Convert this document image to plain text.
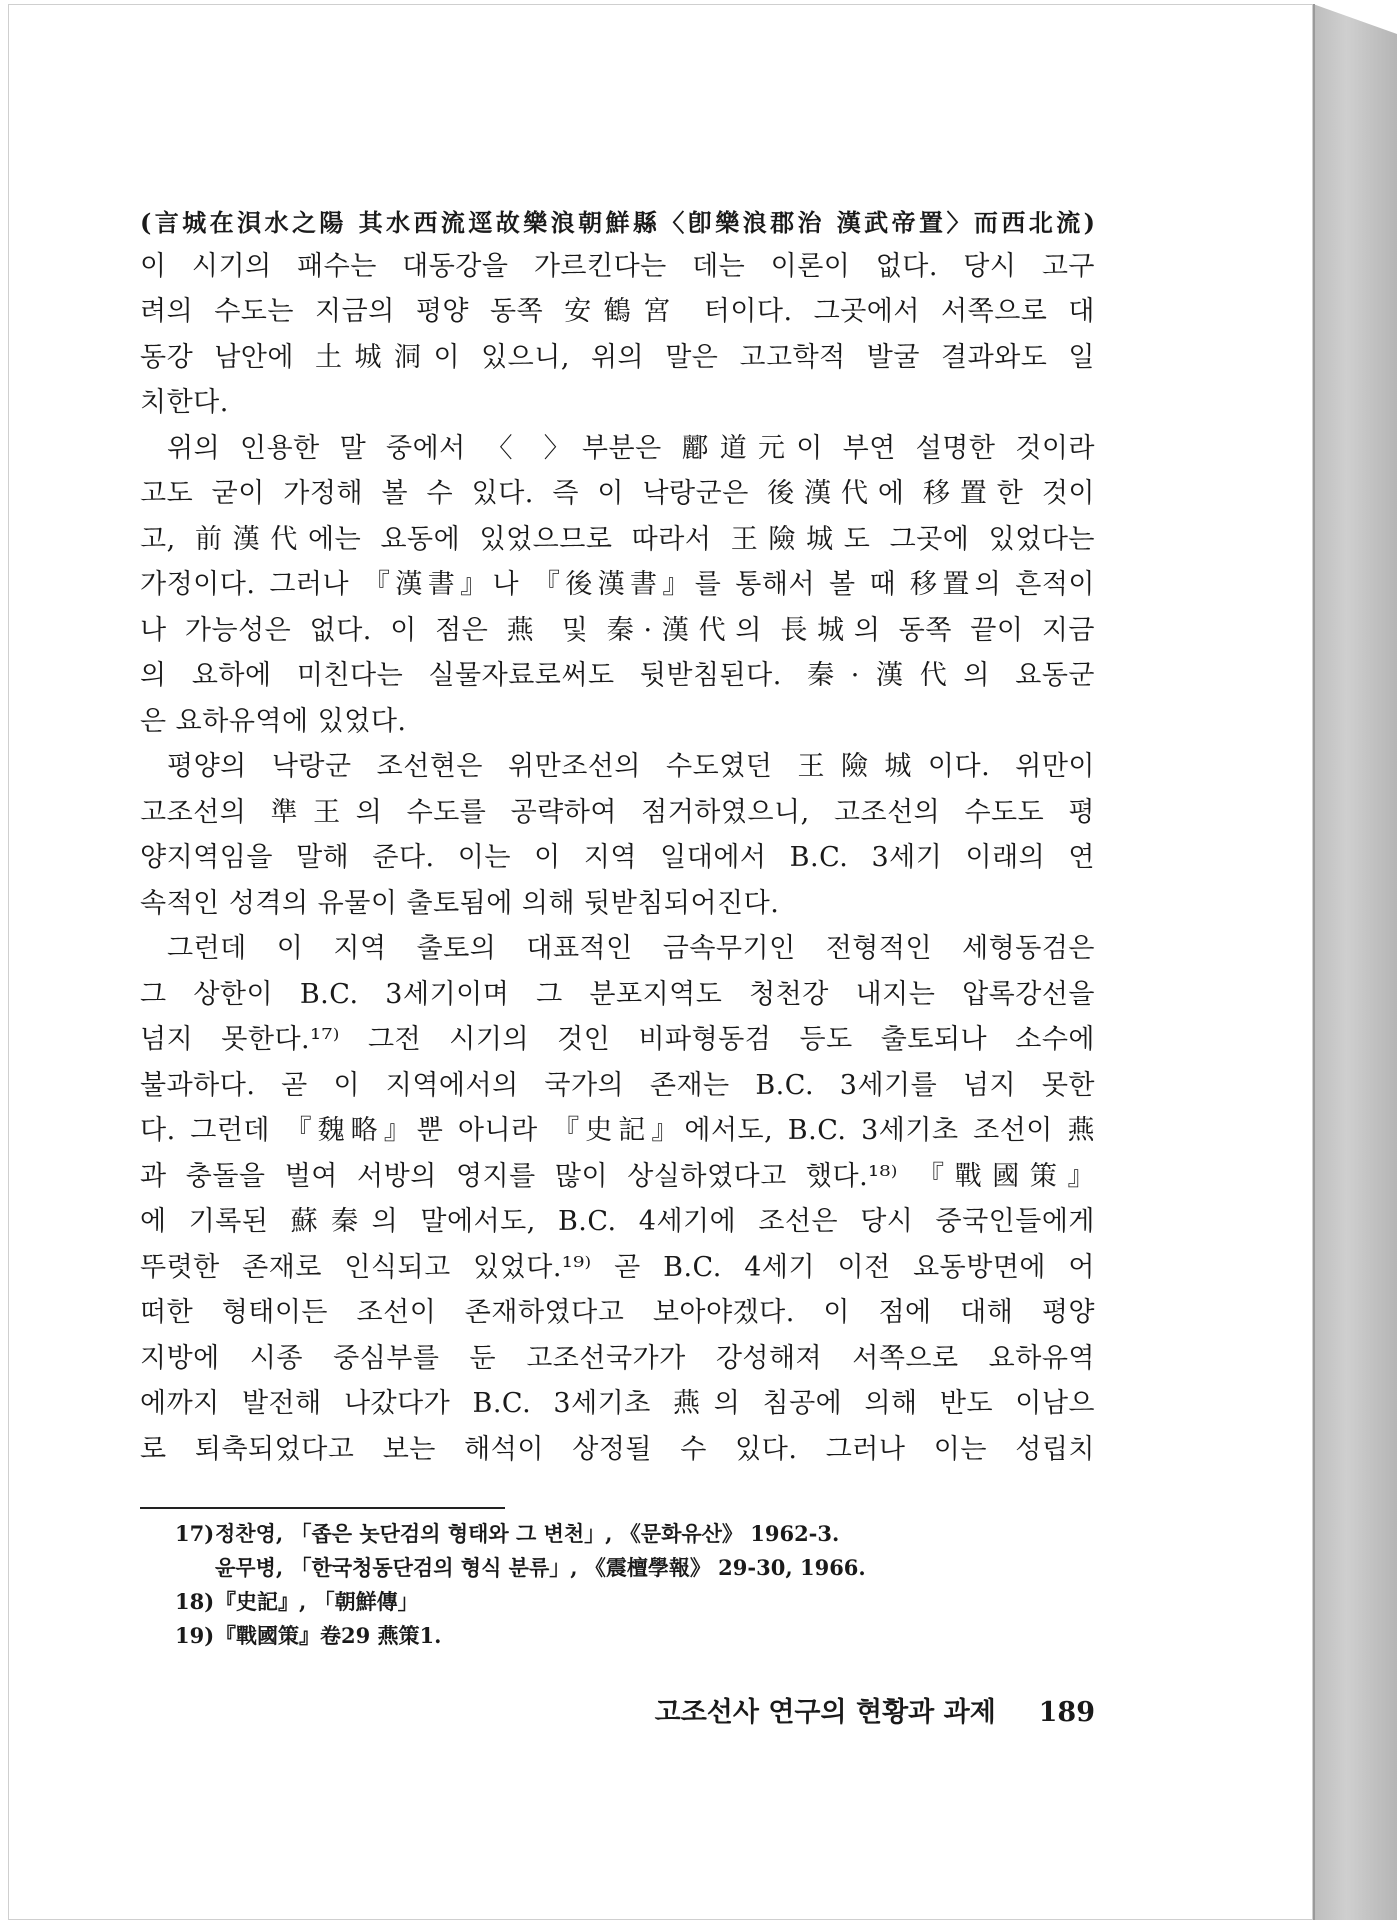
(言城在浿水之陽 其水西流逕故樂浪朝鮮縣〈卽樂浪郡治 漢武帝置〉而西北流)
이 시기의 패수는 대동강을 가르킨다는 데는 이론이 없다. 당시 고구
려의 수도는 지금의 평양 동쪽 安鶴宮 터이다. 그곳에서 서쪽으로 대
동강 남안에 土城洞이 있으니, 위의 말은 고고학적 발굴 결과와도 일
치한다.
위의 인용한 말 중에서 〈 〉부분은 酈道元이 부연 설명한 것이라
고도 굳이 가정해 볼 수 있다. 즉 이 낙랑군은 後漢代에 移置한 것이
고, 前漢代에는 요동에 있었으므로 따라서 王險城도 그곳에 있었다는
가정이다. 그러나 『漢書』나 『後漢書』를 통해서 볼 때 移置의 흔적이
나 가능성은 없다. 이 점은 燕 및 秦·漢代의 長城의 동쪽 끝이 지금
의 요하에 미친다는 실물자료로써도 뒷받침된다. 秦·漢代의 요동군
은 요하유역에 있었다.
평양의 낙랑군 조선현은 위만조선의 수도였던 王險城이다. 위만이
고조선의 準王의 수도를 공략하여 점거하였으니, 고조선의 수도도 평
양지역임을 말해 준다. 이는 이 지역 일대에서 B.C. 3세기 이래의 연
속적인 성격의 유물이 출토됨에 의해 뒷받침되어진다.
그런데 이 지역 출토의 대표적인 금속무기인 전형적인 세형동검은
그 상한이 B.C. 3세기이며 그 분포지역도 청천강 내지는 압록강선을
넘지 못한다.¹⁷⁾ 그전 시기의 것인 비파형동검 등도 출토되나 소수에
불과하다. 곧 이 지역에서의 국가의 존재는 B.C. 3세기를 넘지 못한
다. 그런데 『魏略』뿐 아니라 『史記』에서도, B.C. 3세기초 조선이 燕
과 충돌을 벌여 서방의 영지를 많이 상실하였다고 했다.¹⁸⁾ 『戰國策』
에 기록된 蘇秦의 말에서도, B.C. 4세기에 조선은 당시 중국인들에게
뚜렷한 존재로 인식되고 있었다.¹⁹⁾ 곧 B.C. 4세기 이전 요동방면에 어
떠한 형태이든 조선이 존재하였다고 보아야겠다. 이 점에 대해 평양
지방에 시종 중심부를 둔 고조선국가가 강성해져 서쪽으로 요하유역
에까지 발전해 나갔다가 B.C. 3세기초 燕의 침공에 의해 반도 이남으
로 퇴축되었다고 보는 해석이 상정될 수 있다. 그러나 이는 성립치
17)정찬영, 「좁은 놋단검의 형태와 그 변천」, 《문화유산》 1962-3.
윤무병, 「한국청동단검의 형식 분류」, 《震檀學報》 29-30, 1966.
18)『史記』, 「朝鮮傳」
19)『戰國策』卷29 燕策1.
고조선사 연구의 현황과 과제 189
